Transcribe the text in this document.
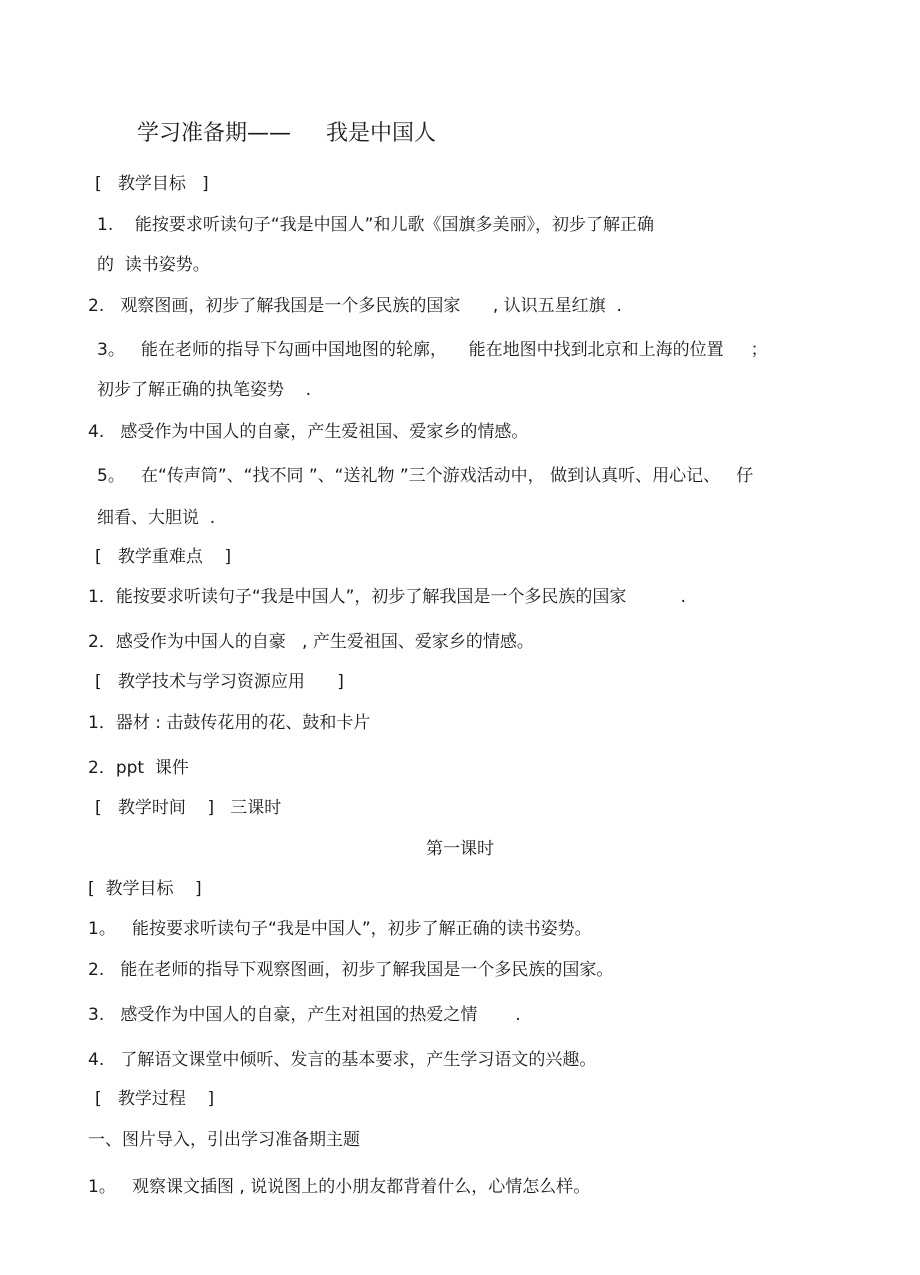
学习准备期——     我是中国人
[   教学目标   ]
1.    能按要求听读句子“我是中国人”和儿歌《国旗多美丽》，初步了解正确
的  读书姿势。
2.   观察图画，初步了解我国是一个多民族的国家      , 认识五星红旗  .
3。   能在老师的指导下勾画中国地图的轮廓，    能在地图中找到北京和上海的位置     ；
初步了解正确的执笔姿势    .
4.   感受作为中国人的自豪，产生爱祖国、爱家乡的情感。
5。   在“传声筒”、“找不同 ”、“送礼物 ”三个游戏活动中， 做到认真听、用心记、   仔
细看、大胆说  .
[   教学重难点    ]
1．能按要求听读句子“我是中国人”，初步了解我国是一个多民族的国家          .
2．感受作为中国人的自豪   , 产生爱祖国、爱家乡的情感。
[   教学技术与学习资源应用      ]
1．器材 : 击鼓传花用的花、鼓和卡片
2．ppt  课件
[   教学时间    ]   三课时
第一课时
[  教学目标    ]
1。   能按要求听读句子“我是中国人”，初步了解正确的读书姿势。
2.   能在老师的指导下观察图画，初步了解我国是一个多民族的国家。
3.   感受作为中国人的自豪，产生对祖国的热爱之情       .
4.   了解语文课堂中倾听、发言的基本要求，产生学习语文的兴趣。
[   教学过程    ]
一、图片导入，引出学习准备期主题
1。   观察课文插图 , 说说图上的小朋友都背着什么，心情怎么样。
